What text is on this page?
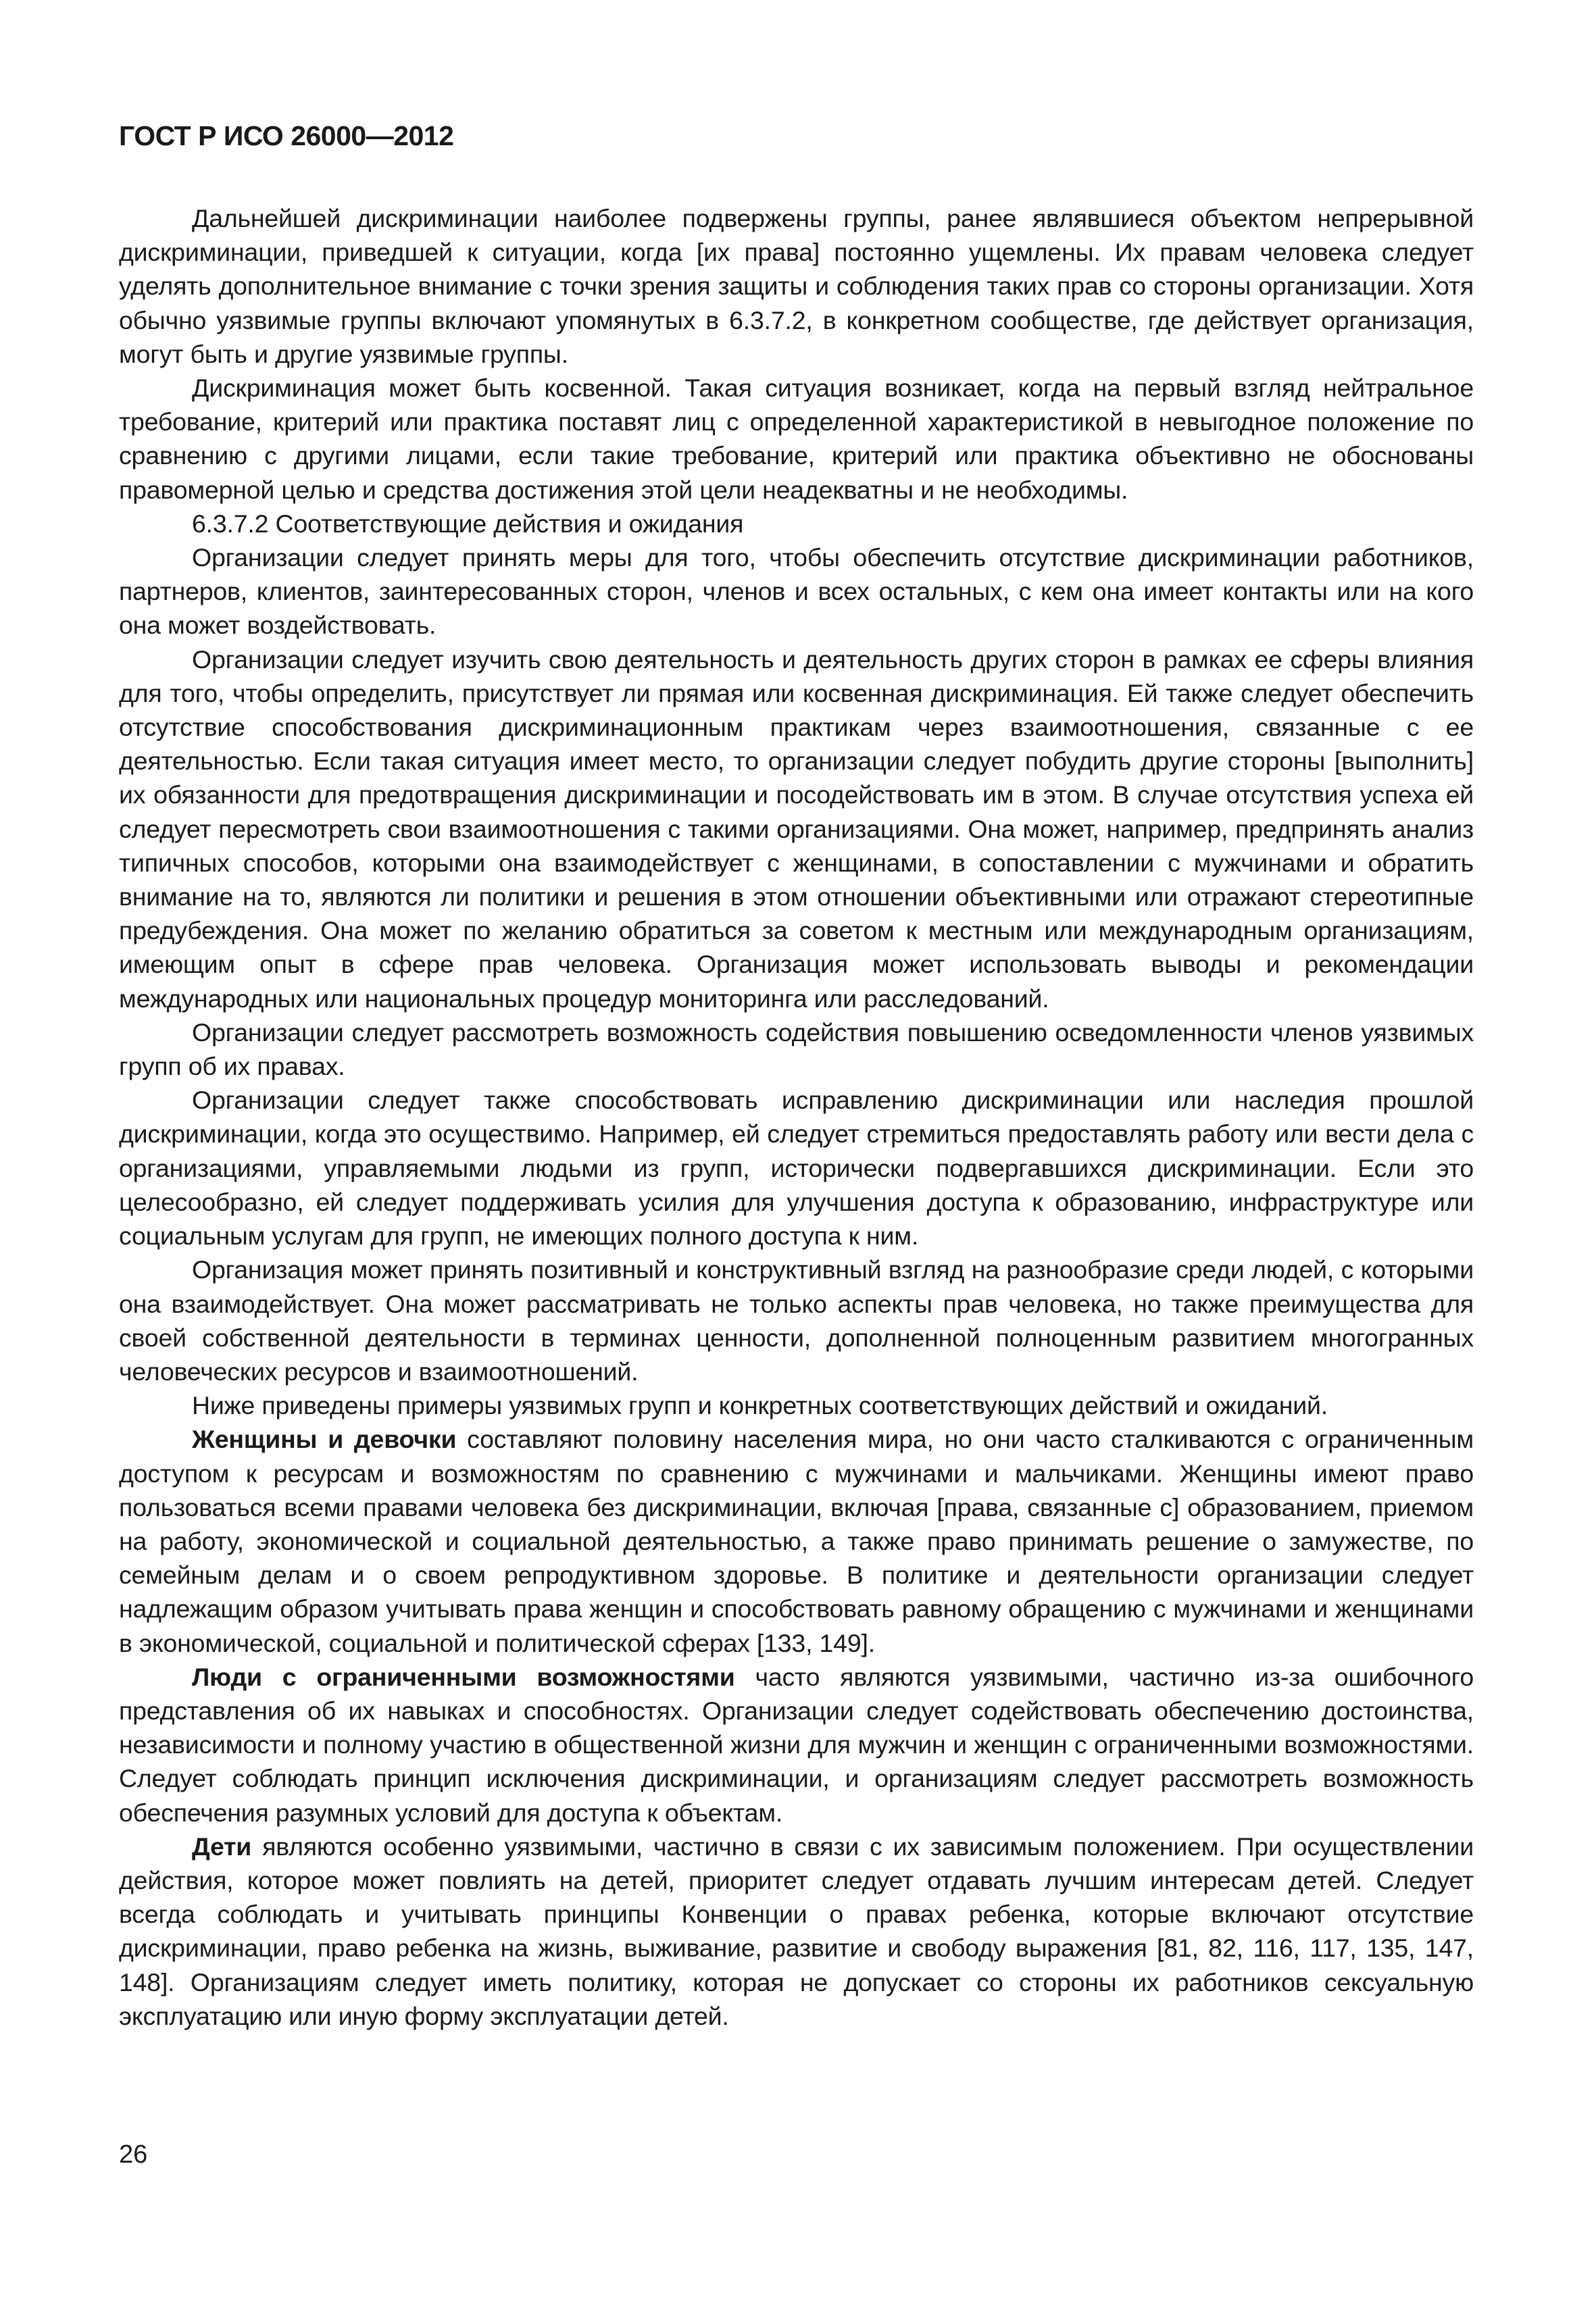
ГОСТ Р ИСО 26000—2012

Дальнейшей дискриминации наиболее подвержены группы, ранее являвшиеся объектом непрерывной дискриминации, приведшей к ситуации, когда [их права] постоянно ущемлены. Их правам человека следует уделять дополнительное внимание с точки зрения защиты и соблюдения таких прав со стороны организации. Хотя обычно уязвимые группы включают упомянутых в 6.3.7.2, в конкретном сообществе, где действует организация, могут быть и другие уязвимые группы.

Дискриминация может быть косвенной. Такая ситуация возникает, когда на первый взгляд нейтральное требование, критерий или практика поставят лиц с определенной характеристикой в невыгодное положение по сравнению с другими лицами, если такие требование, критерий или практика объективно не обоснованы правомерной целью и средства достижения этой цели неадекватны и не необходимы.

6.3.7.2 Соответствующие действия и ожидания

Организации следует принять меры для того, чтобы обеспечить отсутствие дискриминации работников, партнеров, клиентов, заинтересованных сторон, членов и всех остальных, с кем она имеет контакты или на кого она может воздействовать.

Организации следует изучить свою деятельность и деятельность других сторон в рамках ее сферы влияния для того, чтобы определить, присутствует ли прямая или косвенная дискриминация. Ей также следует обеспечить отсутствие способствования дискриминационным практикам через взаимоотношения, связанные с ее деятельностью. Если такая ситуация имеет место, то организации следует побудить другие стороны [выполнить] их обязанности для предотвращения дискриминации и посодействовать им в этом. В случае отсутствия успеха ей следует пересмотреть свои взаимоотношения с такими организациями. Она может, например, предпринять анализ типичных способов, которыми она взаимодействует с женщинами, в сопоставлении с мужчинами и обратить внимание на то, являются ли политики и решения в этом отношении объективными или отражают стереотипные предубеждения. Она может по желанию обратиться за советом к местным или международным организациям, имеющим опыт в сфере прав человека. Организация может использовать выводы и рекомендации международных или национальных процедур мониторинга или расследований.

Организации следует рассмотреть возможность содействия повышению осведомленности членов уязвимых групп об их правах.

Организации следует также способствовать исправлению дискриминации или наследия прошлой дискриминации, когда это осуществимо. Например, ей следует стремиться предоставлять работу или вести дела с организациями, управляемыми людьми из групп, исторически подвергавшихся дискриминации. Если это целесообразно, ей следует поддерживать усилия для улучшения доступа к образованию, инфраструктуре или социальным услугам для групп, не имеющих полного доступа к ним.

Организация может принять позитивный и конструктивный взгляд на разнообразие среди людей, с которыми она взаимодействует. Она может рассматривать не только аспекты прав человека, но также преимущества для своей собственной деятельности в терминах ценности, дополненной полноценным развитием многогранных человеческих ресурсов и взаимоотношений.

Ниже приведены примеры уязвимых групп и конкретных соответствующих действий и ожиданий.

Женщины и девочки составляют половину населения мира, но они часто сталкиваются с ограниченным доступом к ресурсам и возможностям по сравнению с мужчинами и мальчиками. Женщины имеют право пользоваться всеми правами человека без дискриминации, включая [права, связанные с] образованием, приемом на работу, экономической и социальной деятельностью, а также право принимать решение о замужестве, по семейным делам и о своем репродуктивном здоровье. В политике и деятельности организации следует надлежащим образом учитывать права женщин и способствовать равному обращению с мужчинами и женщинами в экономической, социальной и политической сферах [133, 149].

Люди с ограниченными возможностями часто являются уязвимыми, частично из-за ошибочного представления об их навыках и способностях. Организации следует содействовать обеспечению достоинства, независимости и полному участию в общественной жизни для мужчин и женщин с ограниченными возможностями. Следует соблюдать принцип исключения дискриминации, и организациям следует рассмотреть возможность обеспечения разумных условий для доступа к объектам.

Дети являются особенно уязвимыми, частично в связи с их зависимым положением. При осуществлении действия, которое может повлиять на детей, приоритет следует отдавать лучшим интересам детей. Следует всегда соблюдать и учитывать принципы Конвенции о правах ребенка, которые включают отсутствие дискриминации, право ребенка на жизнь, выживание, развитие и свободу выражения [81, 82, 116, 117, 135, 147, 148]. Организациям следует иметь политику, которая не допускает со стороны их работников сексуальную эксплуатацию или иную форму эксплуатации детей.

26
